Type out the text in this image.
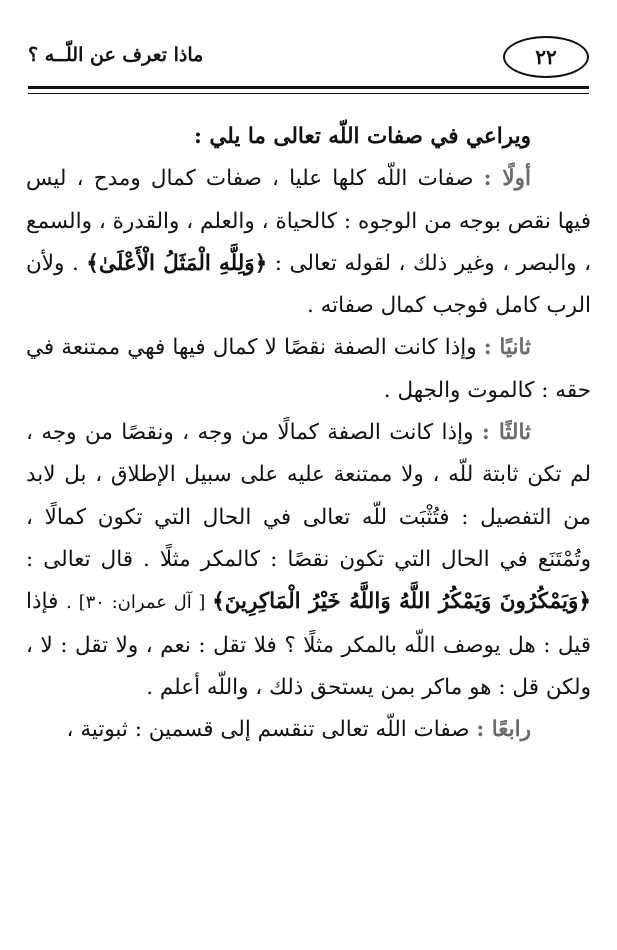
٢٢
ماذا تعرف عن اللّــه ؟

ويراعي في صفات اللّه تعالى ما يلي :

أولًا : صفات اللّه كلها عليا ، صفات كمال ومدح ، ليس فيها نقص بوجه من الوجوه : كالحياة ، والعلم ، والقدرة ، والسمع ، والبصر ، وغير ذلك ، لقوله تعالى : ﴿وَلِلَّهِ الْمَثَلُ الْأَعْلَىٰ﴾ . ولأن الرب كامل فوجب كمال صفاته .

ثانيًا : وإذا كانت الصفة نقصًا لا كمال فيها فهي ممتنعة في حقه : كالموت والجهل .

ثالثًا : وإذا كانت الصفة كمالًا من وجه ، ونقصًا من وجه ، لم تكن ثابتة للّه ، ولا ممتنعة عليه على سبيل الإطلاق ، بل لابد من التفصيل : فتُثْبَت للّه تعالى في الحال التي تكون كمالًا ، وتُمْتَنَع في الحال التي تكون نقصًا : كالمكر مثلًا . قال تعالى : ﴿وَيَمْكُرُونَ وَيَمْكُرُ اللَّهُ وَاللَّهُ خَيْرُ الْمَاكِرِينَ﴾ [ آل عمران: ٣٠] . فإذا قيل : هل يوصف اللّه بالمكر مثلًا ؟ فلا تقل : نعم ، ولا تقل : لا ، ولكن قل : هو ماكر بمن يستحق ذلك ، واللّه أعلم .

رابعًا : صفات اللّه تعالى تنقسم إلى قسمين : ثبوتية ،
